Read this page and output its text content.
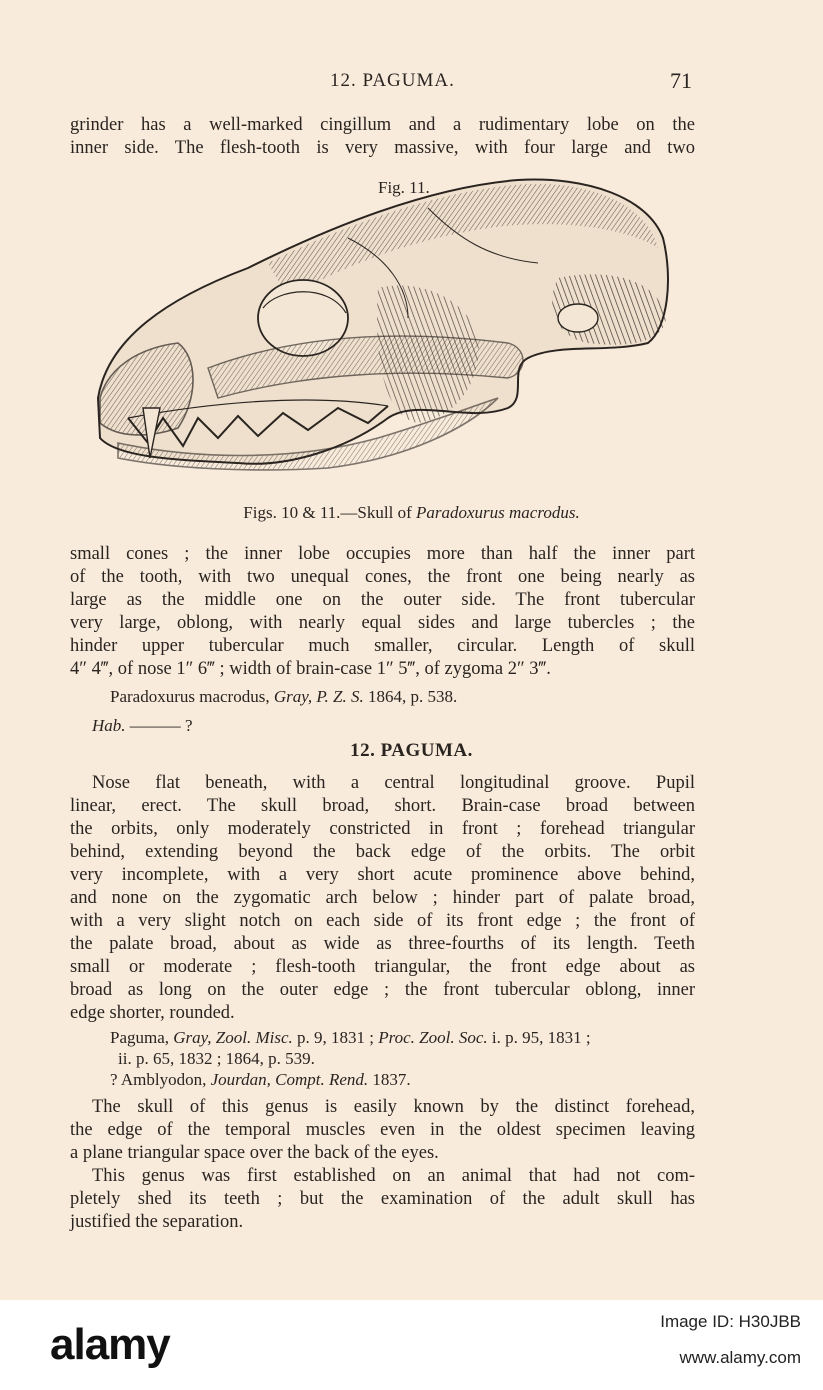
12. PAGUMA.	71

grinder has a well-marked cingillum and a rudimentary lobe on the

inner side. The flesh-tooth is very massive, with four large and two

Fig. 11.
Figs. 10 & 11.—Skull of Paradoxurus macrodus.

small cones ; the inner lobe occupies more than half the inner part

of the tooth, with two unequal cones, the front one being nearly as

large as the middle one on the outer side. The front tubercular

very large, oblong, with nearly equal sides and large tubercles ; the

hinder upper tubercular much smaller, circular. Length of skull

4″ 4‴, of nose 1″ 6‴ ; width of brain-case 1″ 5‴, of zygoma 2″ 3‴.

Paradoxurus macrodus, Gray, P. Z. S. 1864, p. 538.

Hab. ——— ?
12. PAGUMA.

Nose flat beneath, with a central longitudinal groove. Pupil

linear, erect. The skull broad, short. Brain-case broad between

the orbits, only moderately constricted in front ; forehead triangular

behind, extending beyond the back edge of the orbits. The orbit

very incomplete, with a very short acute prominence above behind,

and none on the zygomatic arch below ; hinder part of palate broad,

with a very slight notch on each side of its front edge ; the front of

the palate broad, about as wide as three-fourths of its length. Teeth

small or moderate ; flesh-tooth triangular, the front edge about as

broad as long on the outer edge ; the front tubercular oblong, inner

edge shorter, rounded.

Paguma, Gray, Zool. Misc. p. 9, 1831 ; Proc. Zool. Soc. i. p. 95, 1831 ;

ii. p. 65, 1832 ; 1864, p. 539.

? Amblyodon, Jourdan, Compt. Rend. 1837.

The skull of this genus is easily known by the distinct forehead,

the edge of the temporal muscles even in the oldest specimen leaving

a plane triangular space over the back of the eyes.

This genus was first established on an animal that had not com-

pletely shed its teeth ; but the examination of the adult skull has

justified the separation.

alamy	Image ID: H30JBB
www.alamy.com
